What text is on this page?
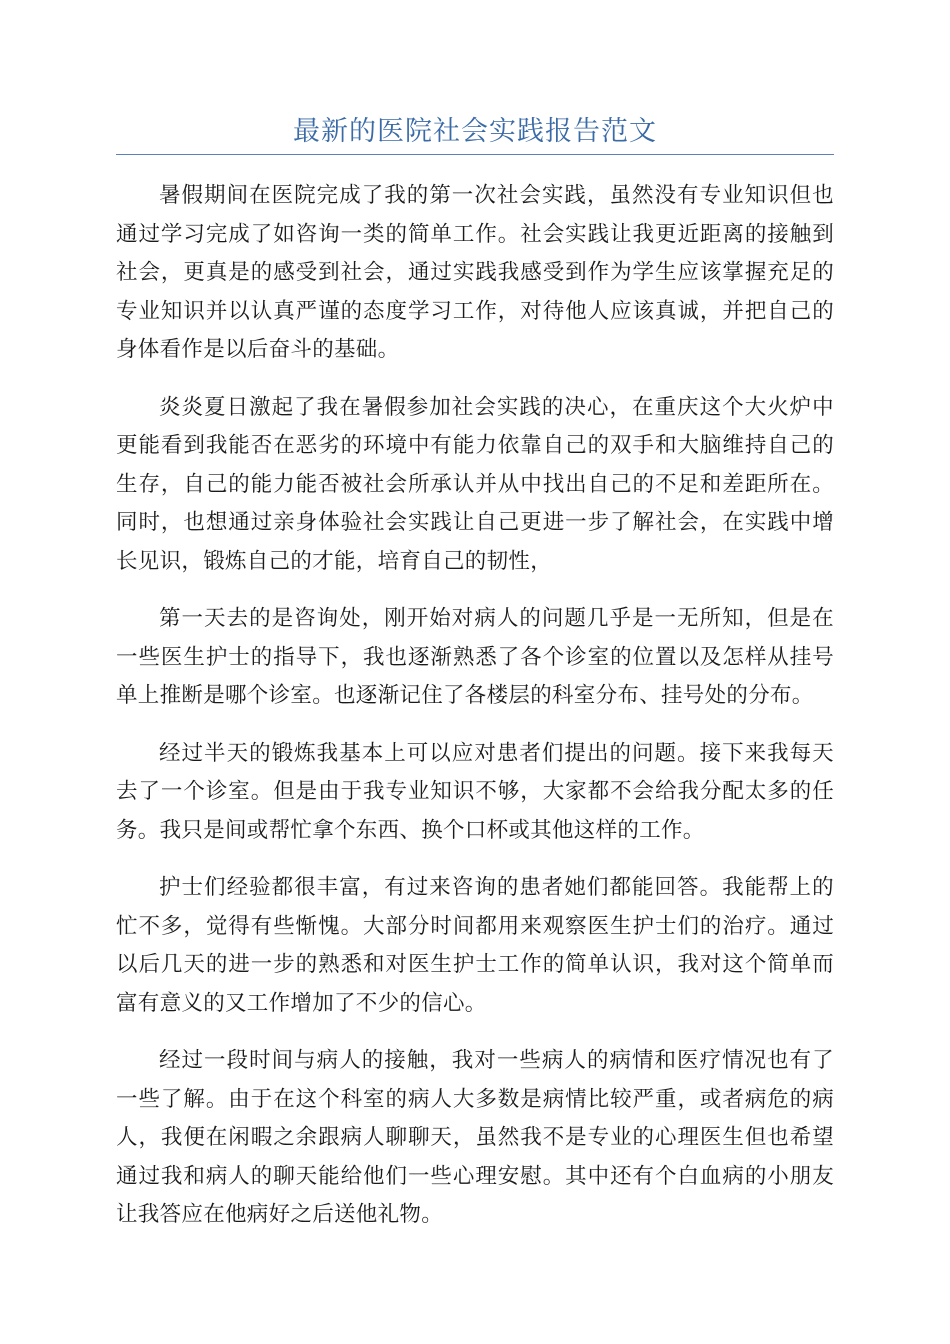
最新的医院社会实践报告范文

暑假期间在医院完成了我的第一次社会实践，虽然没有专业知识但也通过学习完成了如咨询一类的简单工作。社会实践让我更近距离的接触到社会，更真是的感受到社会，通过实践我感受到作为学生应该掌握充足的专业知识并以认真严谨的态度学习工作，对待他人应该真诚，并把自己的身体看作是以后奋斗的基础。

炎炎夏日激起了我在暑假参加社会实践的决心，在重庆这个大火炉中更能看到我能否在恶劣的环境中有能力依靠自己的双手和大脑维持自己的生存，自己的能力能否被社会所承认并从中找出自己的不足和差距所在。同时，也想通过亲身体验社会实践让自己更进一步了解社会，在实践中增长见识，锻炼自己的才能，培育自己的韧性，

第一天去的是咨询处，刚开始对病人的问题几乎是一无所知，但是在一些医生护士的指导下，我也逐渐熟悉了各个诊室的位置以及怎样从挂号单上推断是哪个诊室。也逐渐记住了各楼层的科室分布、挂号处的分布。

经过半天的锻炼我基本上可以应对患者们提出的问题。接下来我每天去了一个诊室。但是由于我专业知识不够，大家都不会给我分配太多的任务。我只是间或帮忙拿个东西、换个口杯或其他这样的工作。

护士们经验都很丰富，有过来咨询的患者她们都能回答。我能帮上的忙不多，觉得有些惭愧。大部分时间都用来观察医生护士们的治疗。通过以后几天的进一步的熟悉和对医生护士工作的简单认识，我对这个简单而富有意义的又工作增加了不少的信心。

经过一段时间与病人的接触，我对一些病人的病情和医疗情况也有了一些了解。由于在这个科室的病人大多数是病情比较严重，或者病危的病人，我便在闲暇之余跟病人聊聊天，虽然我不是专业的心理医生但也希望通过我和病人的聊天能给他们一些心理安慰。其中还有个白血病的小朋友让我答应在他病好之后送他礼物。
